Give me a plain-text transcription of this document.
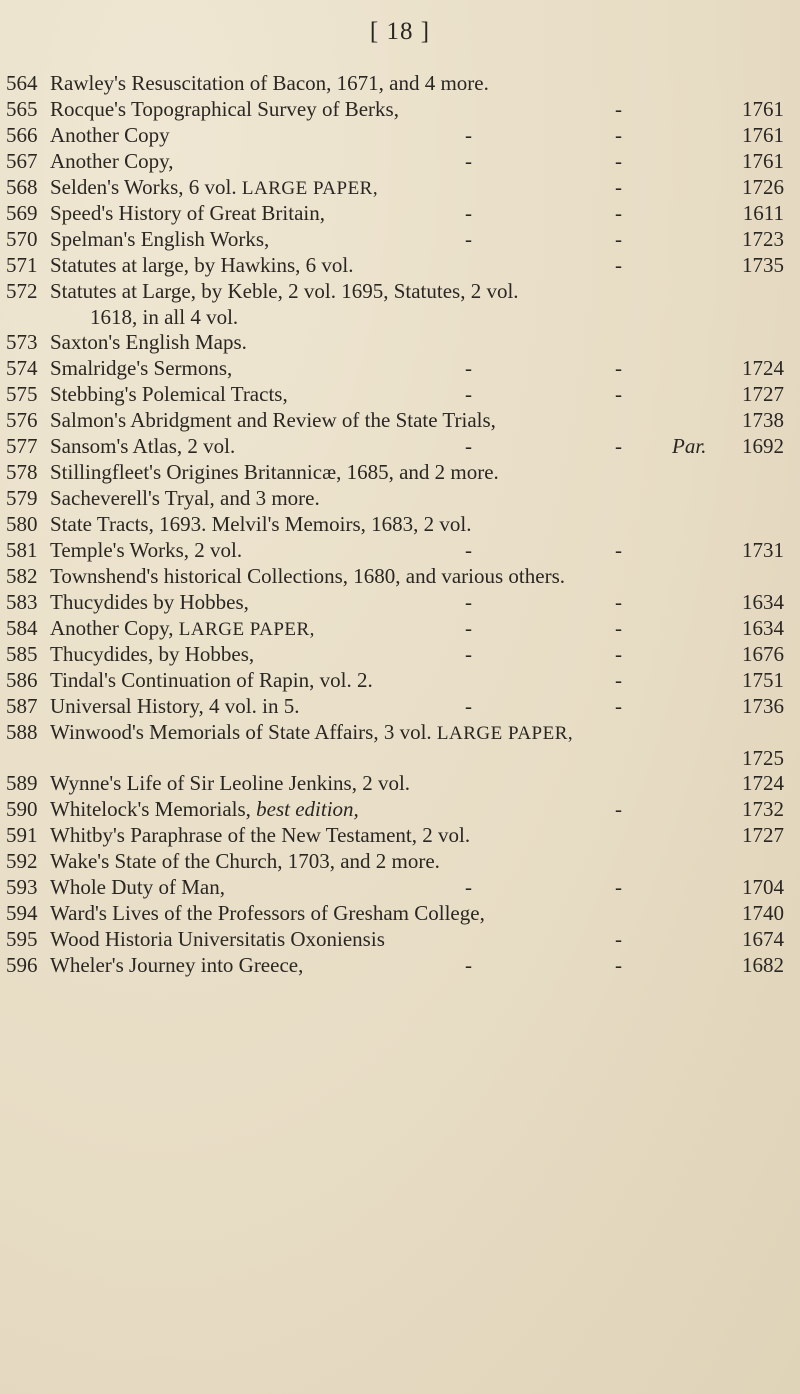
[ 18 ]
564 Rawley's Resuscitation of Bacon, 1671, and 4 more.
565 Rocque's Topographical Survey of Berks,	-	1761
566 Another Copy	-	-	1761
567 Another Copy,	-	-	1761
568 Selden's Works, 6 vol. LARGE PAPER,	-	1726
569 Speed's History of Great Britain,	-	-	1611
570 Spelman's English Works,	-	-	1723
571 Statutes at large, by Hawkins, 6 vol.	-	1735
572 Statutes at Large, by Keble, 2 vol. 1695, Statutes, 2 vol.
1618, in all 4 vol.
573 Saxton's English Maps.
574 Smalridge's Sermons,	-	-	1724
575 Stebbing's Polemical Tracts,	-	-	1727
576 Salmon's Abridgment and Review of the State Trials,	1738
577 Sansom's Atlas, 2 vol.	-	- Par. 1692
578 Stillingfleet's Origines Britannicæ, 1685, and 2 more.
579 Sacheverell's Tryal, and 3 more.
580 State Tracts, 1693. Melvil's Memoirs, 1683, 2 vol.
581 Temple's Works, 2 vol.	-	-	1731
582 Townshend's historical Collections, 1680, and various others.
583 Thucydides by Hobbes,	-	-	1634
584 Another Copy, LARGE PAPER,	-	-	1634
585 Thucydides, by Hobbes,	-	-	1676
586 Tindal's Continuation of Rapin, vol. 2.	-	1751
587 Universal History, 4 vol. in 5.	-	-	1736
588 Winwood's Memorials of State Affairs, 3 vol. LARGE PAPER,
1725
589 Wynne's Life of Sir Leoline Jenkins, 2 vol.	1724
590 Whitelock's Memorials, best edition,	-	1732
591 Whitby's Paraphrase of the New Testament, 2 vol.	1727
592 Wake's State of the Church, 1703, and 2 more.
593 Whole Duty of Man,	-	-	1704
594 Ward's Lives of the Professors of Gresham College,	1740
595 Wood Historia Universitatis Oxoniensis	-	1674
596 Wheler's Journey into Greece,	-	-	1682
